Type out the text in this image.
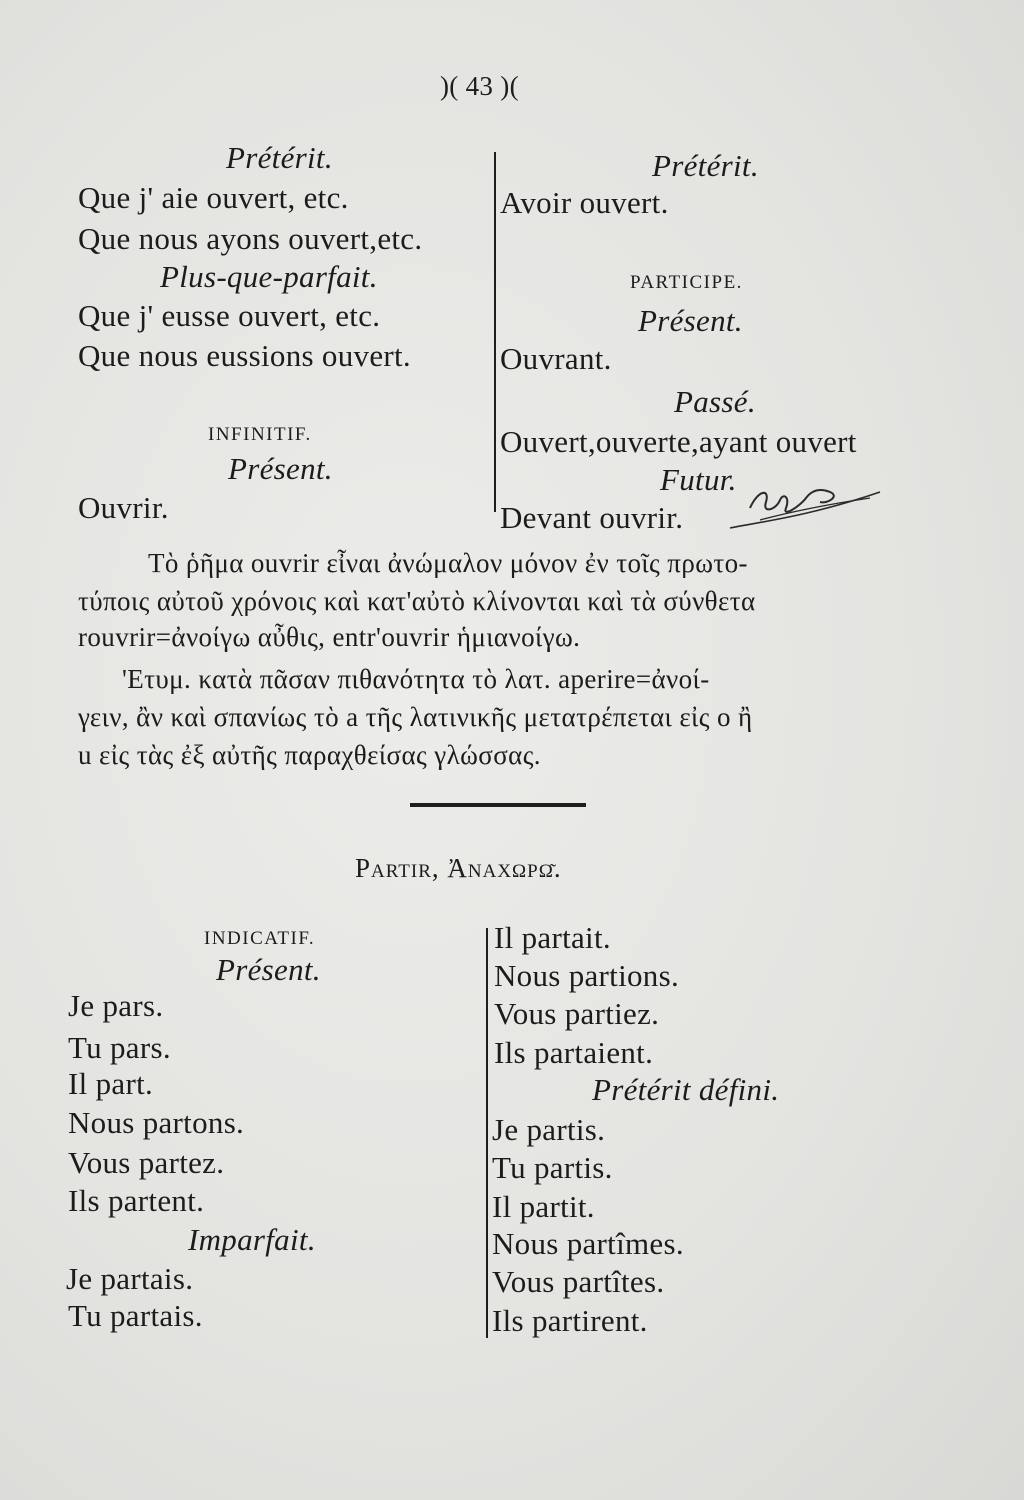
)( 43 )(
Prétérit.
Que j' aie ouvert, etc.
Que nous ayons ouvert,etc.
Plus-que-parfait.
Que j' eusse ouvert, etc.
Que nous eussions ouvert.
INFINITIF.
Présent.
Ouvrir.
Prétérit.
Avoir ouvert.
PARTICIPE.
Présent.
Ouvrant.
Passé.
Ouvert,ouverte,ayant ouvert
Futur.
Devant ouvrir.
Τὸ ῥῆμα ouvrir εἶναι ἀνώμαλον μόνον ἐν τοῖς πρωτο-
τύποις αὐτοῦ χρόνοις καὶ κατ'αὐτὸ κλίνονται καὶ τὰ σύνθετα
rouvrir=ἀνοίγω αὖθις, entr'ouvrir ἡμιανοίγω.
'Ετυμ. κατὰ πᾶσαν πιθανότητα τὸ λατ. aperire=ἀνοί-
γειν, ἂν καὶ σπανίως τὸ a τῆς λατινικῆς μετατρέπεται εἰς o ἢ
u εἰς τὰς ἐξ αὐτῆς παραχθείσας γλώσσας.
Partir, Ἀναχωρῶ.
INDICATIF.
Présent.
Je pars.
Tu pars.
Il part.
Nous partons.
Vous partez.
Ils partent.
Imparfait.
Je partais.
Tu partais.
Il partait.
Nous partions.
Vous partiez.
Ils partaient.
Prétérit défini.
Je partis.
Tu partis.
Il partit.
Nous partîmes.
Vous partîtes.
Ils partirent.
